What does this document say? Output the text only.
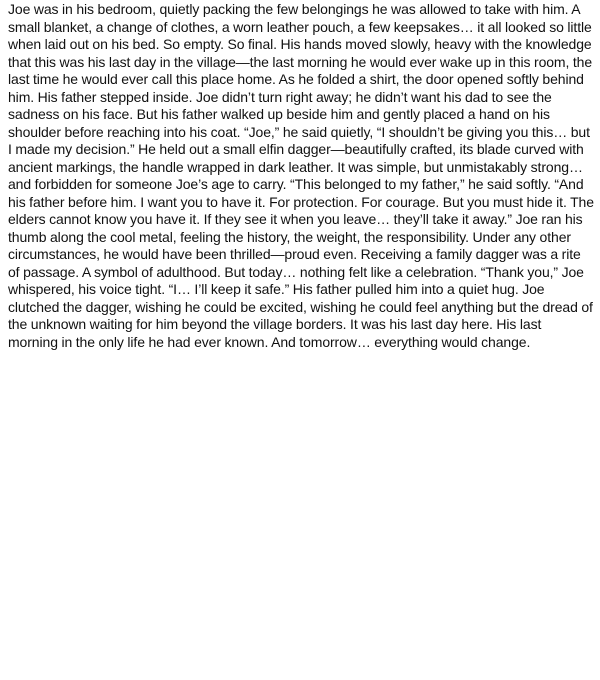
Joe was in his bedroom, quietly packing the few belongings he was allowed to take with him. A small blanket, a change of clothes, a worn leather pouch, a few keepsakes… it all looked so little when laid out on his bed. So empty. So final. His hands moved slowly, heavy with the knowledge that this was his last day in the village—the last morning he would ever wake up in this room, the last time he would ever call this place home. As he folded a shirt, the door opened softly behind him. His father stepped inside. Joe didn’t turn right away; he didn’t want his dad to see the sadness on his face. But his father walked up beside him and gently placed a hand on his shoulder before reaching into his coat. “Joe,” he said quietly, “I shouldn’t be giving you this… but I made my decision.” He held out a small elfin dagger—beautifully crafted, its blade curved with ancient markings, the handle wrapped in dark leather. It was simple, but unmistakably strong… and forbidden for someone Joe’s age to carry. “This belonged to my father,” he said softly. “And his father before him. I want you to have it. For protection. For courage. But you must hide it. The elders cannot know you have it. If they see it when you leave… they’ll take it away.” Joe ran his thumb along the cool metal, feeling the history, the weight, the responsibility. Under any other circumstances, he would have been thrilled—proud even. Receiving a family dagger was a rite of passage. A symbol of adulthood. But today… nothing felt like a celebration. “Thank you,” Joe whispered, his voice tight. “I… I’ll keep it safe.” His father pulled him into a quiet hug. Joe clutched the dagger, wishing he could be excited, wishing he could feel anything but the dread of the unknown waiting for him beyond the village borders. It was his last day here. His last morning in the only life he had ever known. And tomorrow… everything would change.
